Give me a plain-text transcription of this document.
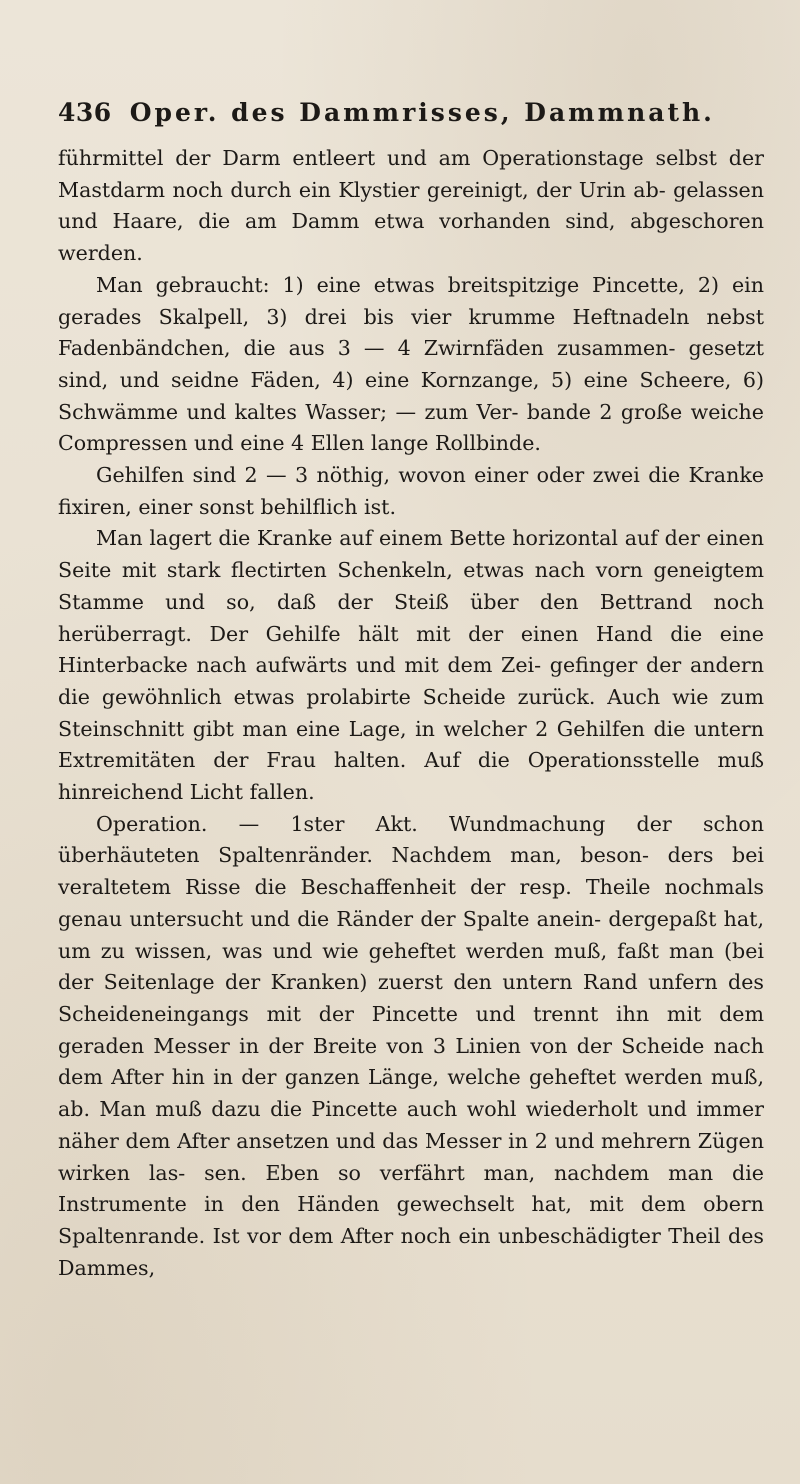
436 Oper. des Dammrisses, Dammnath.

führmittel der Darm entleert und am Operationstage selbst der Mastdarm noch durch ein Klystier gereinigt, der Urin ab- gelassen und Haare, die am Damm etwa vorhanden sind, abgeschoren werden.

Man gebraucht: 1) eine etwas breitspitzige Pincette, 2) ein gerades Skalpell, 3) drei bis vier krumme Heftnadeln nebst Fadenbändchen, die aus 3 — 4 Zwirnfäden zusammen- gesetzt sind, und seidne Fäden, 4) eine Kornzange, 5) eine Scheere, 6) Schwämme und kaltes Wasser; — zum Ver- bande 2 große weiche Compressen und eine 4 Ellen lange Rollbinde.

Gehilfen sind 2 — 3 nöthig, wovon einer oder zwei die Kranke fixiren, einer sonst behilflich ist.

Man lagert die Kranke auf einem Bette horizontal auf der einen Seite mit stark flectirten Schenkeln, etwas nach vorn geneigtem Stamme und so, daß der Steiß über den Bettrand noch herüberragt. Der Gehilfe hält mit der einen Hand die eine Hinterbacke nach aufwärts und mit dem Zei- gefinger der andern die gewöhnlich etwas prolabirte Scheide zurück. Auch wie zum Steinschnitt gibt man eine Lage, in welcher 2 Gehilfen die untern Extremitäten der Frau halten. Auf die Operationsstelle muß hinreichend Licht fallen.

Operation. — 1ster Akt. Wundmachung der schon überhäuteten Spaltenränder. Nachdem man, beson- ders bei veraltetem Risse die Beschaffenheit der resp. Theile nochmals genau untersucht und die Ränder der Spalte anein- dergepaßt hat, um zu wissen, was und wie geheftet werden muß, faßt man (bei der Seitenlage der Kranken) zuerst den untern Rand unfern des Scheideneingangs mit der Pincette und trennt ihn mit dem geraden Messer in der Breite von 3 Linien von der Scheide nach dem After hin in der ganzen Länge, welche geheftet werden muß, ab. Man muß dazu die Pincette auch wohl wiederholt und immer näher dem After ansetzen und das Messer in 2 und mehrern Zügen wirken las- sen. Eben so verfährt man, nachdem man die Instrumente in den Händen gewechselt hat, mit dem obern Spaltenrande. Ist vor dem After noch ein unbeschädigter Theil des Dammes,
